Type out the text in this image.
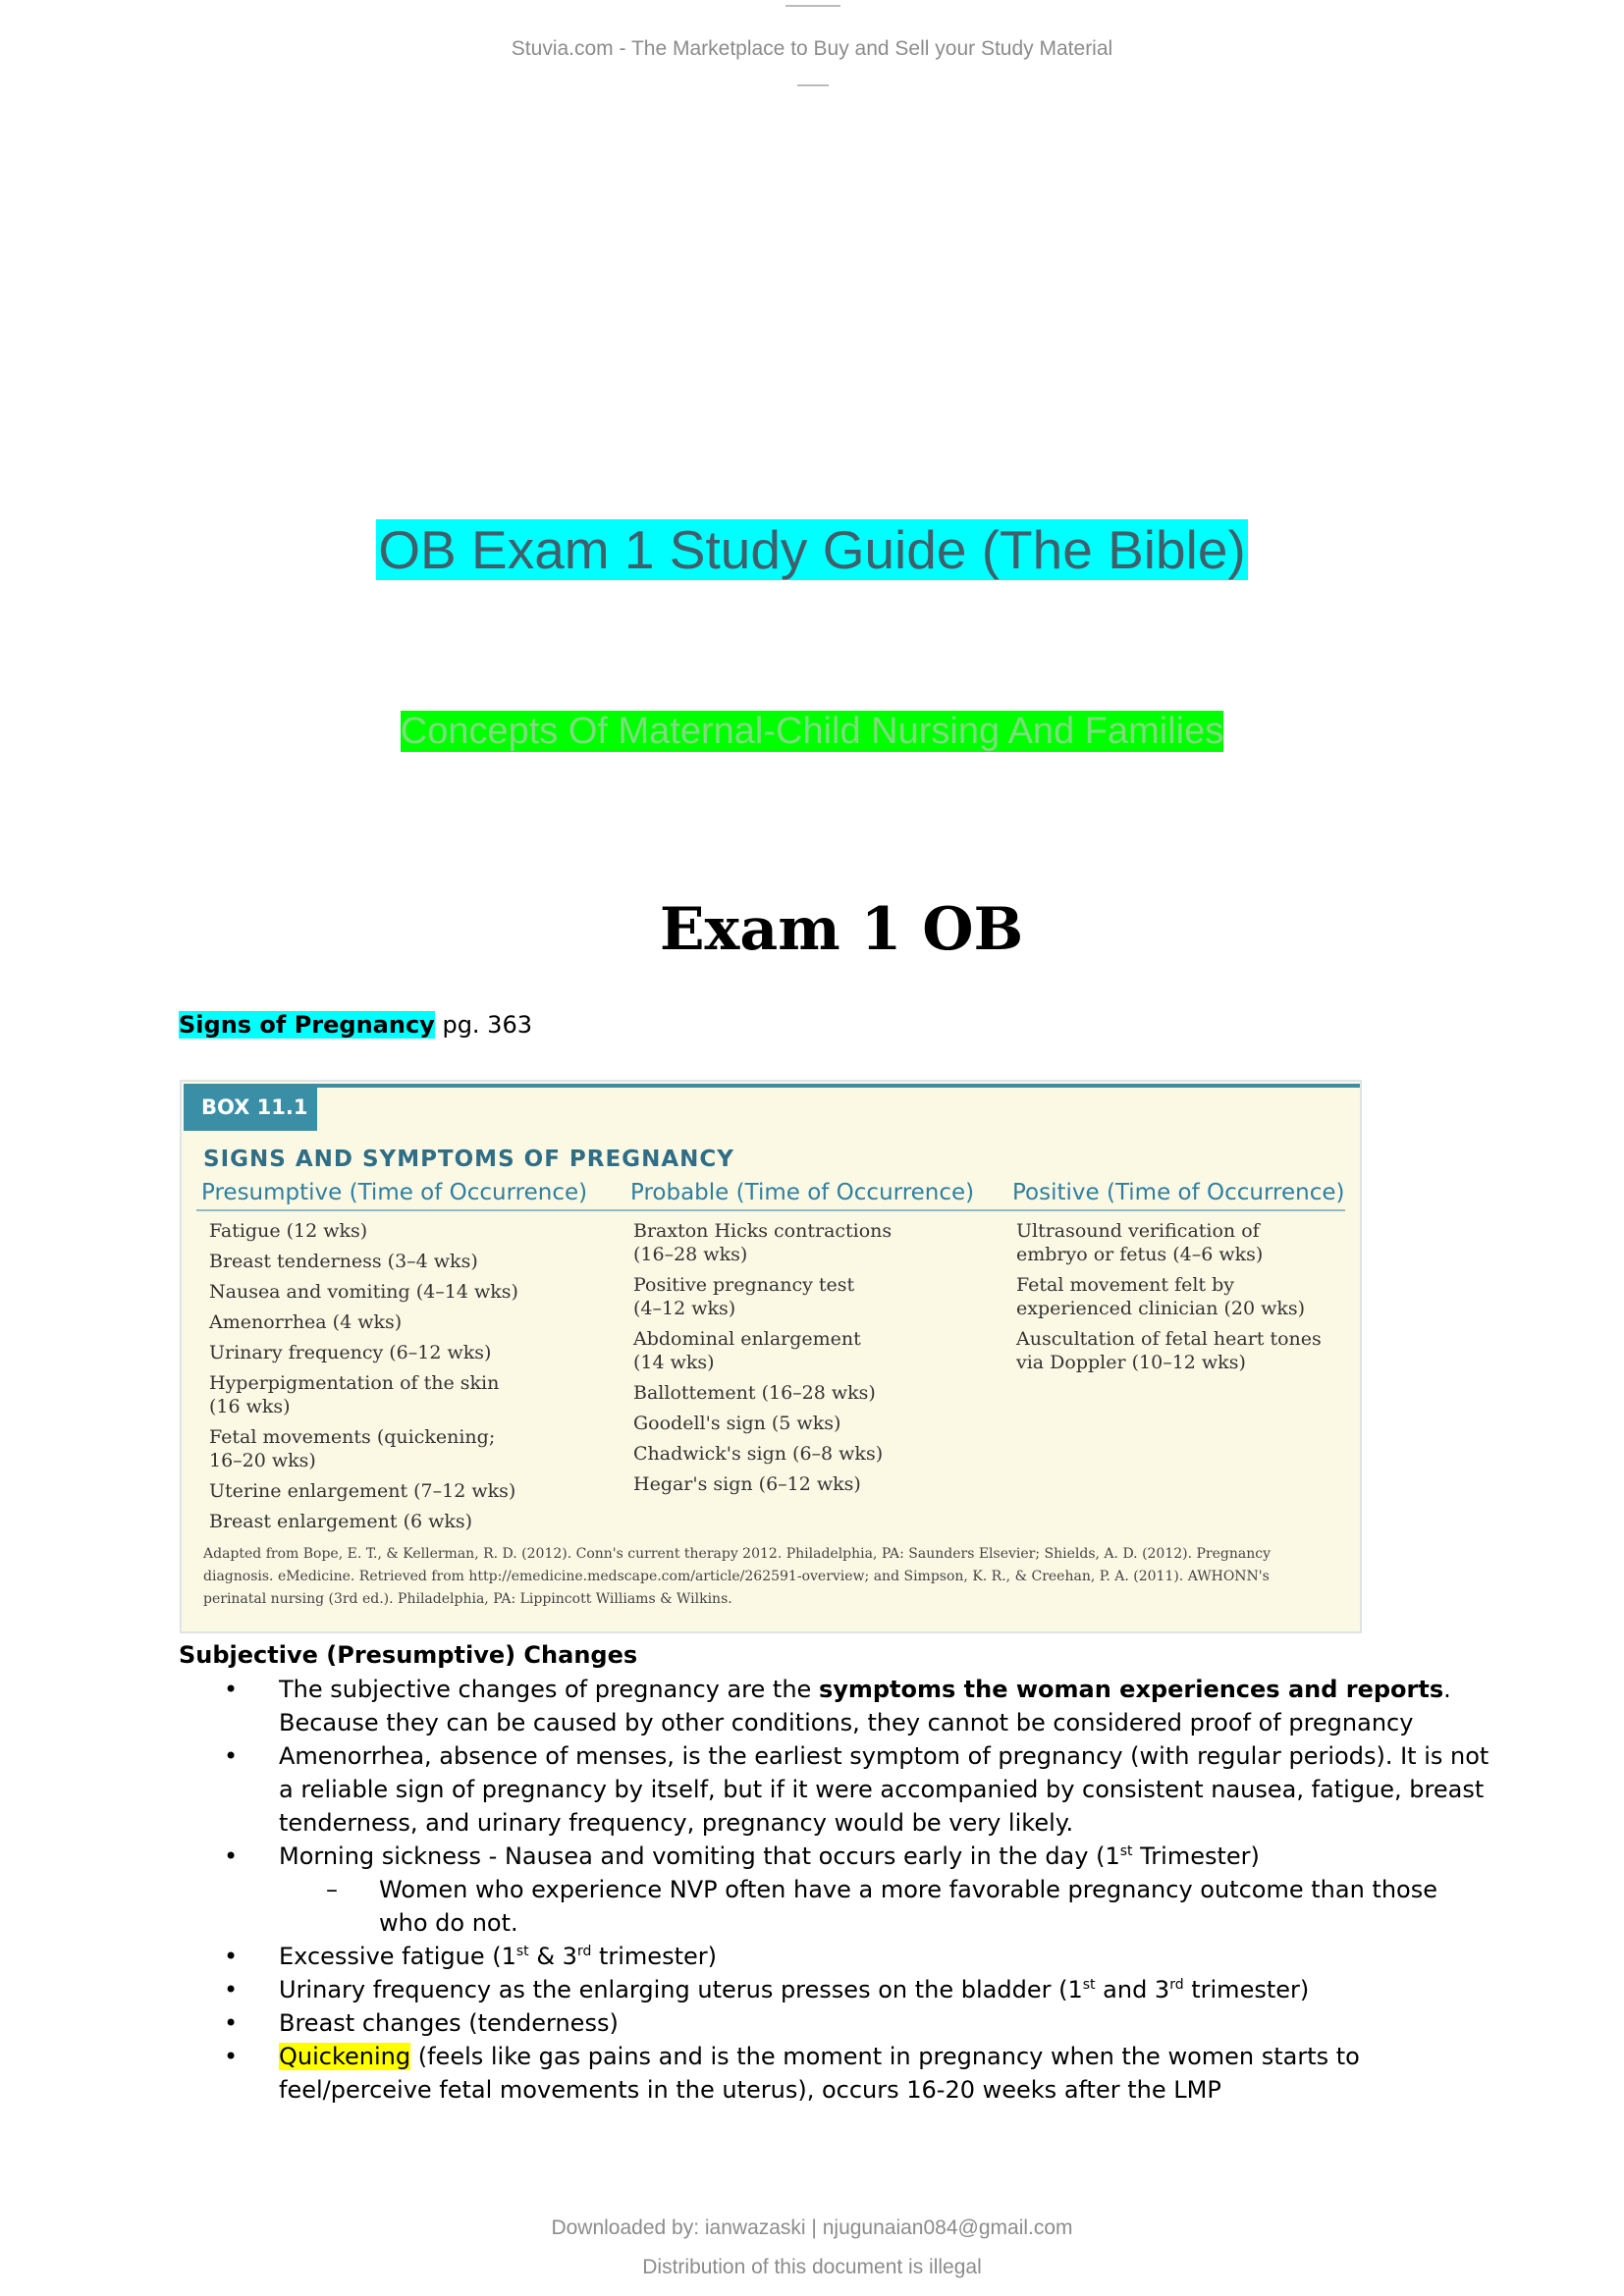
Stuvia.com - The Marketplace to Buy and Sell your Study Material
OB Exam 1 Study Guide (The Bible)
Concepts Of Maternal-Child Nursing And Families
Exam 1 OB
Signs of Pregnancy pg. 363
BOX 11.1
SIGNS AND SYMPTOMS OF PREGNANCY
Presumptive (Time of Occurrence) Probable (Time of Occurrence) Positive (Time of Occurrence)
Fatigue (12 wks)
Breast tenderness (3–4 wks)
Nausea and vomiting (4–14 wks)
Amenorrhea (4 wks)
Urinary frequency (6–12 wks)
Hyperpigmentation of the skin
(16 wks)
Fetal movements (quickening;
16–20 wks)
Uterine enlargement (7–12 wks)
Breast enlargement (6 wks)
Braxton Hicks contractions
(16–28 wks)
Positive pregnancy test
(4–12 wks)
Abdominal enlargement
(14 wks)
Ballottement (16–28 wks)
Goodell's sign (5 wks)
Chadwick's sign (6–8 wks)
Hegar's sign (6–12 wks)
Ultrasound verification of
embryo or fetus (4–6 wks)
Fetal movement felt by
experienced clinician (20 wks)
Auscultation of fetal heart tones
via Doppler (10–12 wks)
Adapted from Bope, E. T., & Kellerman, R. D. (2012). Conn's current therapy 2012. Philadelphia, PA: Saunders Elsevier; Shields, A. D. (2012). Pregnancy diagnosis. eMedicine. Retrieved from http://emedicine.medscape.com/article/262591-overview; and Simpson, K. R., & Creehan, P. A. (2011). AWHONN's perinatal nursing (3rd ed.). Philadelphia, PA: Lippincott Williams & Wilkins.
Subjective (Presumptive) Changes
• The subjective changes of pregnancy are the symptoms the woman experiences and reports. Because they can be caused by other conditions, they cannot be considered proof of pregnancy
• Amenorrhea, absence of menses, is the earliest symptom of pregnancy (with regular periods). It is not a reliable sign of pregnancy by itself, but if it were accompanied by consistent nausea, fatigue, breast tenderness, and urinary frequency, pregnancy would be very likely.
• Morning sickness - Nausea and vomiting that occurs early in the day (1st Trimester)
– Women who experience NVP often have a more favorable pregnancy outcome than those who do not.
• Excessive fatigue (1st & 3rd trimester)
• Urinary frequency as the enlarging uterus presses on the bladder (1st and 3rd trimester)
• Breast changes (tenderness)
• Quickening (feels like gas pains and is the moment in pregnancy when the women starts to feel/perceive fetal movements in the uterus), occurs 16-20 weeks after the LMP
Downloaded by: ianwazaski | njugunaian084@gmail.com
Distribution of this document is illegal
